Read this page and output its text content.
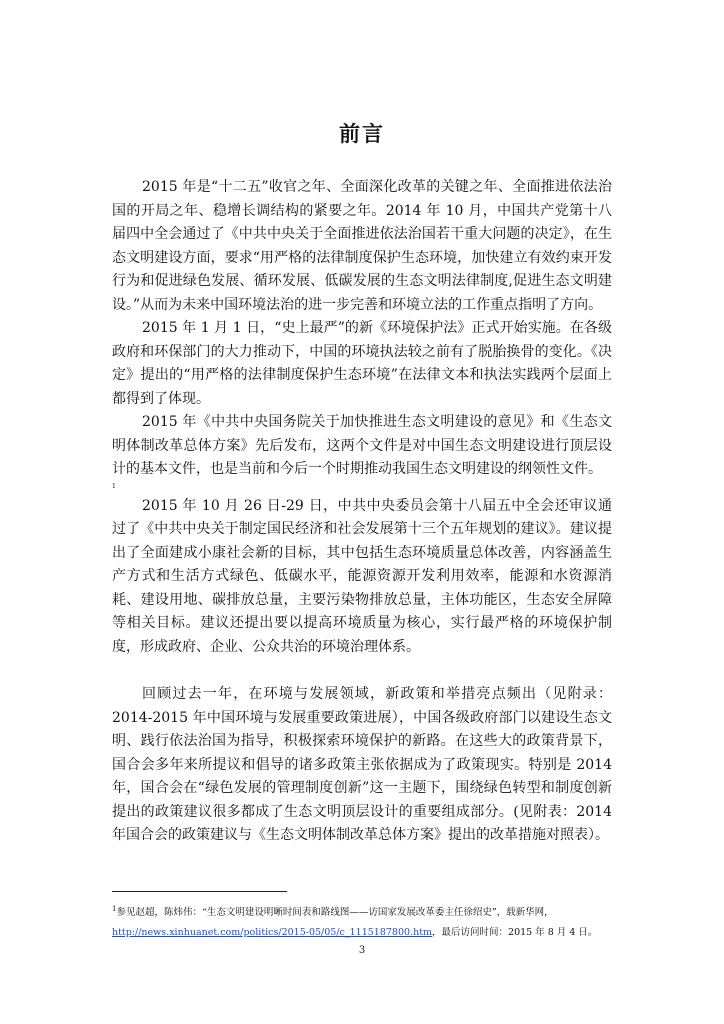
前言

2015 年是“十二五”收官之年、全面深化改革的关键之年、全面推进依法治国的开局之年、稳增长调结构的紧要之年。2014 年 10 月，中国共产党第十八届四中全会通过了《中共中央关于全面推进依法治国若干重大问题的决定》，在生态文明建设方面，要求“用严格的法律制度保护生态环境，加快建立有效约束开发行为和促进绿色发展、循环发展、低碳发展的生态文明法律制度,促进生态文明建设。”从而为未来中国环境法治的进一步完善和环境立法的工作重点指明了方向。

2015 年 1 月 1 日，“史上最严”的新《环境保护法》正式开始实施。在各级政府和环保部门的大力推动下，中国的环境执法较之前有了脱胎换骨的变化。《决定》提出的“用严格的法律制度保护生态环境”在法律文本和执法实践两个层面上都得到了体现。

2015 年《中共中央国务院关于加快推进生态文明建设的意见》和《生态文明体制改革总体方案》先后发布，这两个文件是对中国生态文明建设进行顶层设计的基本文件，也是当前和今后一个时期推动我国生态文明建设的纲领性文件。

1

2015 年 10 月 26 日-29 日，中共中央委员会第十八届五中全会还审议通过了《中共中央关于制定国民经济和社会发展第十三个五年规划的建议》。建议提出了全面建成小康社会新的目标，其中包括生态环境质量总体改善，内容涵盖生产方式和生活方式绿色、低碳水平，能源资源开发利用效率，能源和水资源消耗、建设用地、碳排放总量，主要污染物排放总量，主体功能区，生态安全屏障等相关目标。建议还提出要以提高环境质量为核心，实行最严格的环境保护制度，形成政府、企业、公众共治的环境治理体系。

回顾过去一年，在环境与发展领域，新政策和举措亮点频出（见附录：2014-2015 年中国环境与发展重要政策进展），中国各级政府部门以建设生态文明、践行依法治国为指导，积极探索环境保护的新路。在这些大的政策背景下，国合会多年来所提议和倡导的诸多政策主张依据成为了政策现实。特别是 2014 年，国合会在“绿色发展的管理制度创新”这一主题下，围绕绿色转型和制度创新提出的政策建议很多都成了生态文明顶层设计的重要组成部分。(见附表：2014 年国合会的政策建议与《生态文明体制改革总体方案》提出的改革措施对照表）。

$^1$参见赵超，陈炜伟：“生态文明建设明晰时间表和路线图——访国家发展改革委主任徐绍史”，载新华网，
http://news.xinhuanet.com/politics/2015-05/05/c_1115187800.htm，最后访问时间：2015 年 8 月 4 日。
3
